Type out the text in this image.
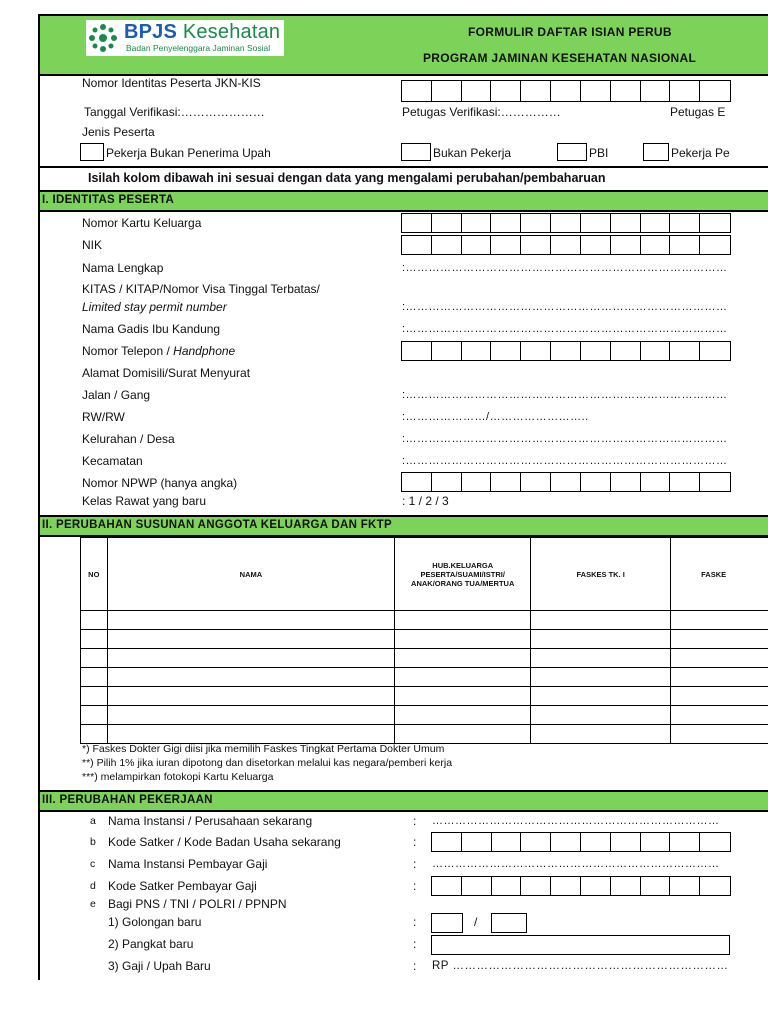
BPJS Kesehatan
Badan Penyelenggara Jaminan Sosial
FORMULIR DAFTAR ISIAN PERUB
PROGRAM JAMINAN KESEHATAN NASIONAL
Nomor Identitas Peserta JKN-KIS
Tanggal Verifikasi:…………………	Petugas Verifikasi:……………	Petugas E
Jenis Peserta
Pekerja Bukan Penerima Upah	Bukan Pekerja	PBI	Pekerja Pe
Isilah kolom dibawah ini sesuai dengan data yang mengalami perubahan/pembaharuan
I. IDENTITAS PESERTA
Nomor Kartu Keluarga
NIK
Nama Lengkap	:…………………………………………………………………………
KITAS / KITAP/Nomor Visa Tinggal Terbatas/
Limited stay permit number	:…………………………………………………………………………
Nama Gadis Ibu Kandung	:…………………………………………………………………………
Nomor Telepon / Handphone
Alamat Domisili/Surat Menyurat
Jalan / Gang	:…………………………………………………………………………
RW/RW	:…………………/……………………..
Kelurahan / Desa	:…………………………………………………………………………
Kecamatan	:…………………………………………………………………………
Nomor NPWP (hanya angka)
Kelas Rawat yang baru	: 1 / 2 / 3
II. PERUBAHAN SUSUNAN ANGGOTA KELUARGA DAN FKTP
NO	NAMA	HUB.KELUARGA PESERTA/SUAMI/ISTRI/ ANAK/ORANG TUA/MERTUA	FASKES TK. I	FASKE

*) Faskes Dokter Gigi diisi jika memilih Faskes Tingkat Pertama Dokter Umum
**) Pilih 1% jika iuran dipotong dan disetorkan melalui kas negara/pemberi kerja
***) melampirkan fotokopi Kartu Keluarga
III. PERUBAHAN PEKERJAAN
a Nama Instansi / Perusahaan sekarang	: …………………………………………………………………
b Kode Satker / Kode Badan Usaha sekarang	:
c Nama Instansi Pembayar Gaji	: …………………………………………………………………
d Kode Satker Pembayar Gaji	:
e Bagi PNS / TNI / POLRI / PPNPN
1) Golongan baru	:	/
2) Pangkat baru	:
3) Gaji / Upah Baru	: RP ……………………………………………………………
